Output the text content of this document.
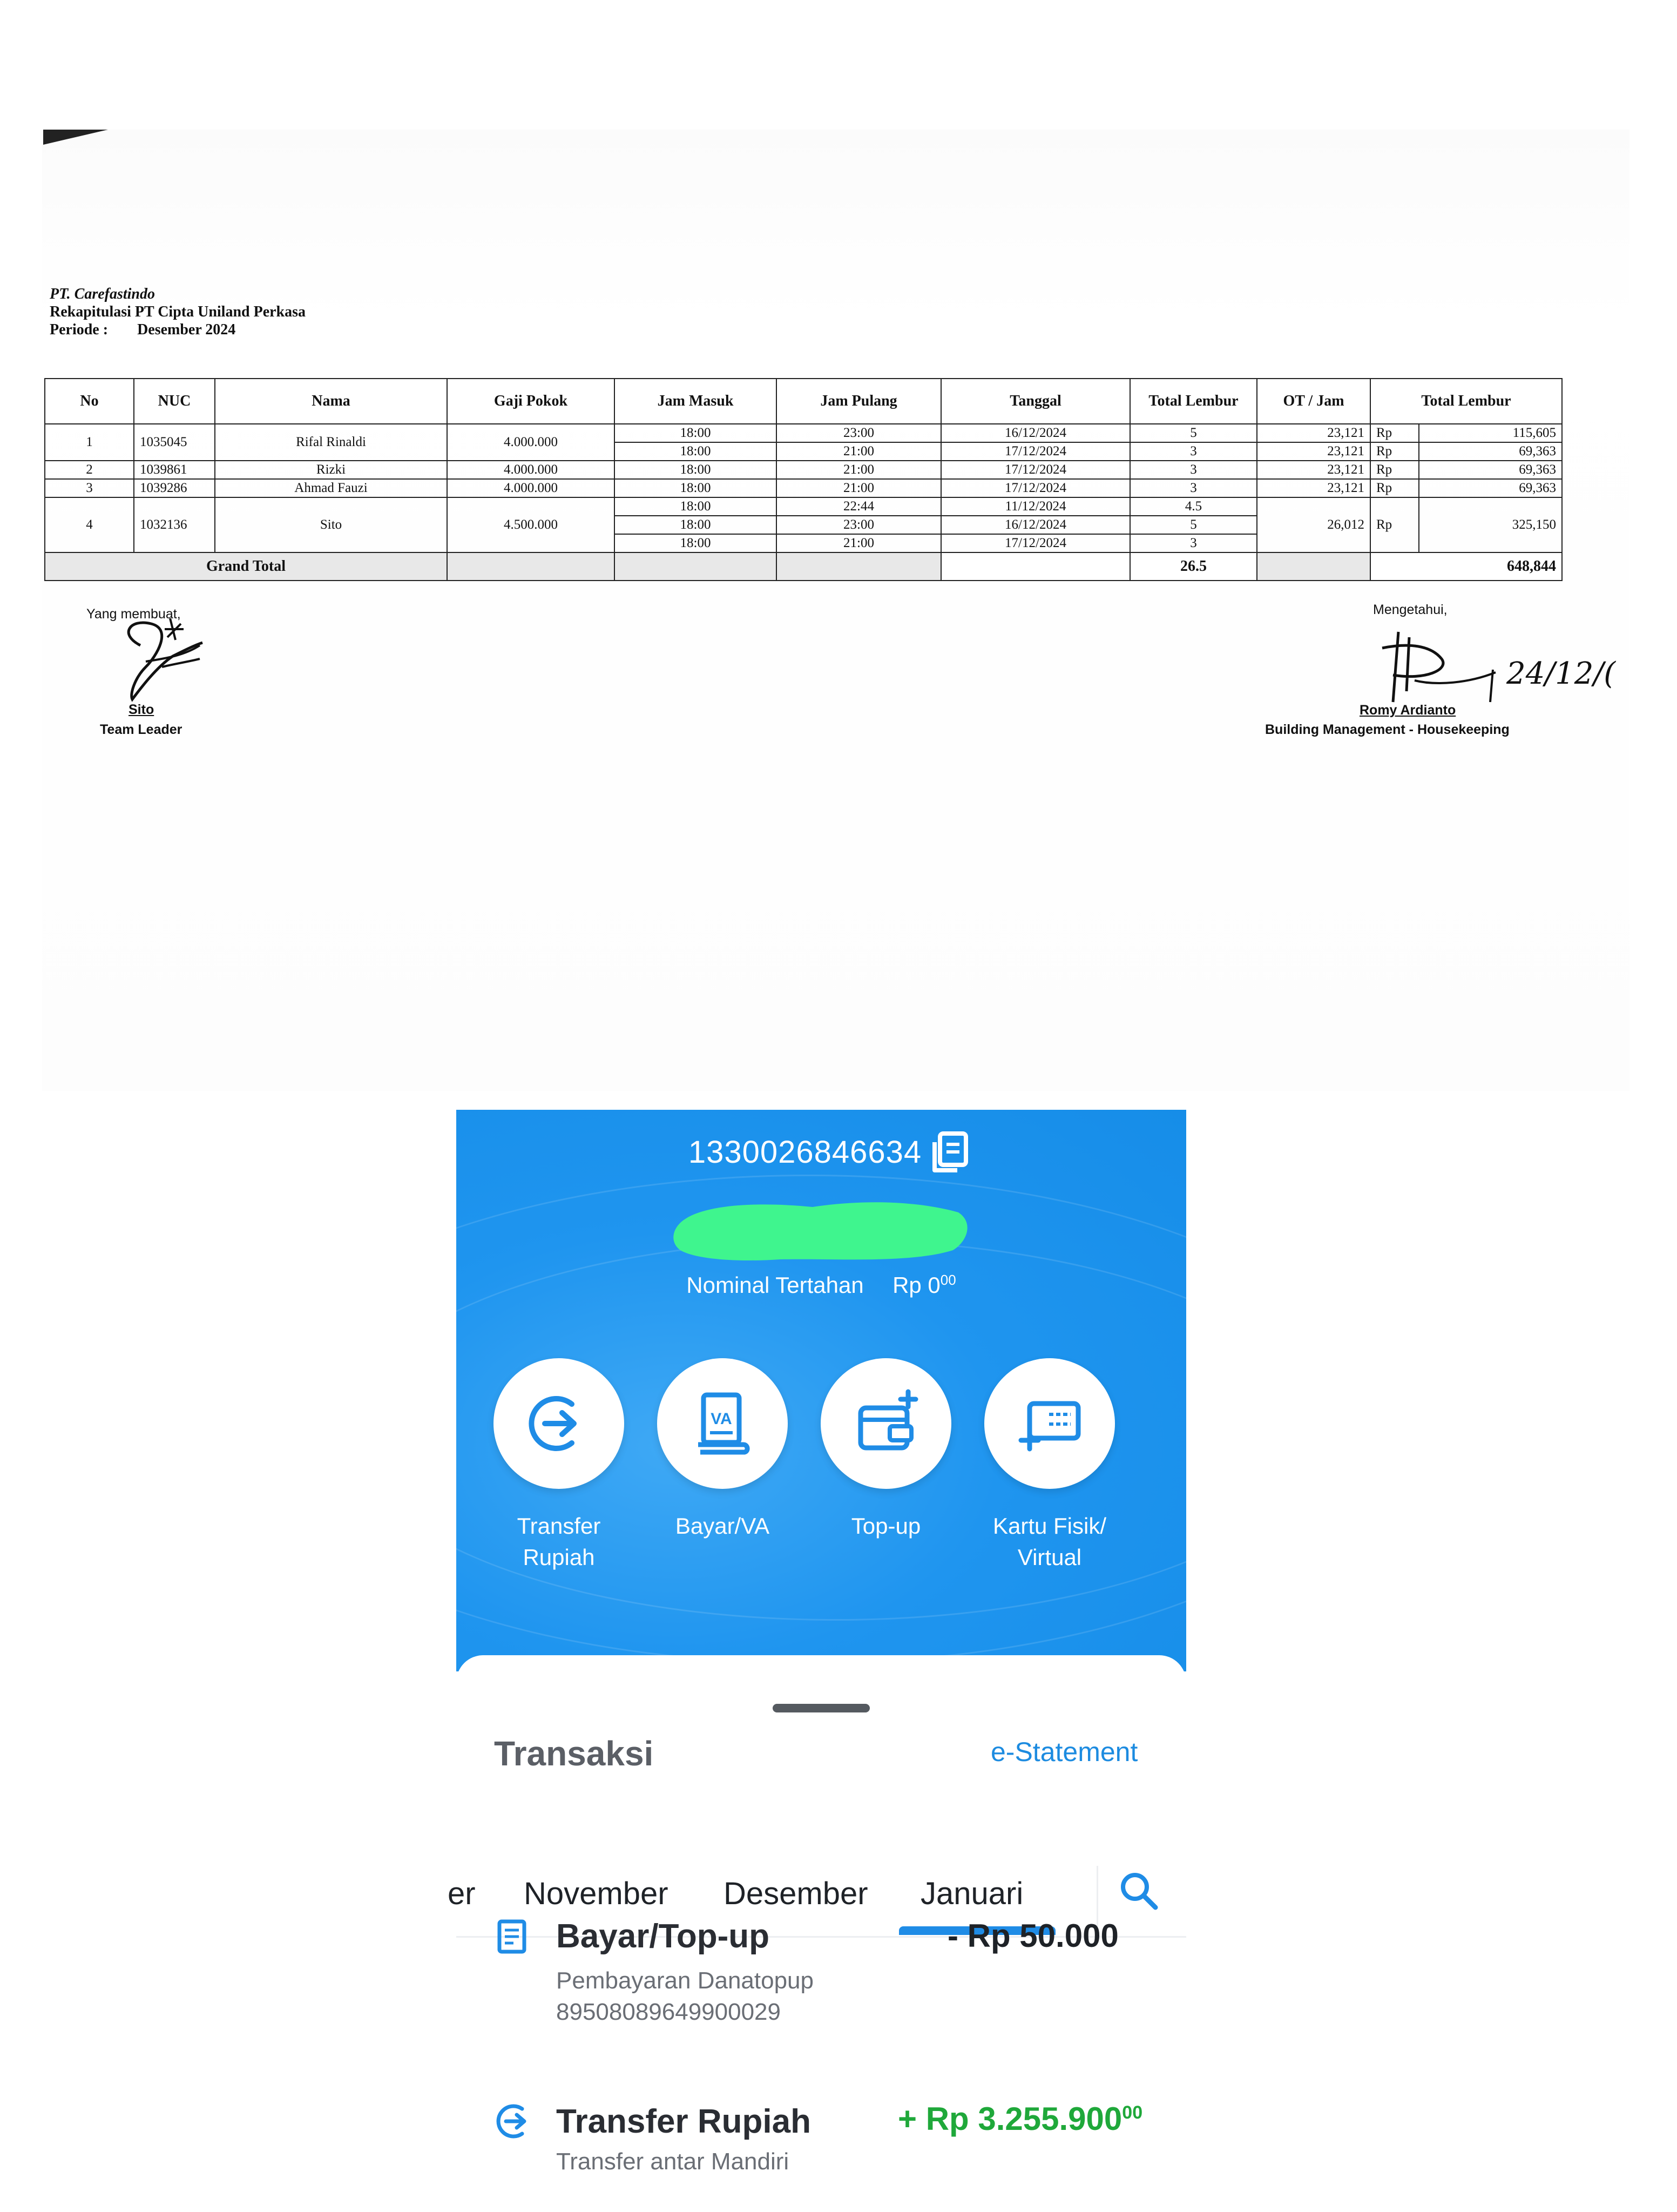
PT. Carefastindo
Rekapitulasi PT Cipta Uniland Perkasa
Periode : Desember 2024
No	NUC	Nama	Gaji Pokok	Jam Masuk	Jam Pulang	Tanggal	Total Lembur	OT / Jam	Total Lembur	
1	1035045	Rifal Rinaldi	4.000.000	18:00	23:00	16/12/2024	5	23,121	Rp	115,605
				18:00	21:00	17/12/2024	3	23,121	Rp	69,363
2	1039861	Rizki	4.000.000	18:00	21:00	17/12/2024	3	23,121	Rp	69,363
3	1039286	Ahmad Fauzi	4.000.000	18:00	21:00	17/12/2024	3	23,121	Rp	69,363
4	1032136	Sito	4.500.000	18:00	22:44	11/12/2024	4.5	26,012	Rp	325,150
				18:00	23:00	16/12/2024	5			
				18:00	21:00	17/12/2024	3			
Grand Total							26.5		648,844	
Yang membuat,
Sito
Team Leader
Mengetahui,
24/12/(
Romy Ardianto
Building Management - Housekeeping
1330026846634
Nominal Tertahan Rp $0^{00}$
Transfer
Rupiah
VA
Bayar/VA	Top-up	Kartu Fisik/
Virtual
Transaksi	e-Statement
er November Desember Januari
Bayar/Top-up	- Rp 50.000
Pembayaran Danatopup
89508089649900029
Transfer Rupiah	+ Rp 3.255.900$^{00}$
Transfer antar Mandiri
